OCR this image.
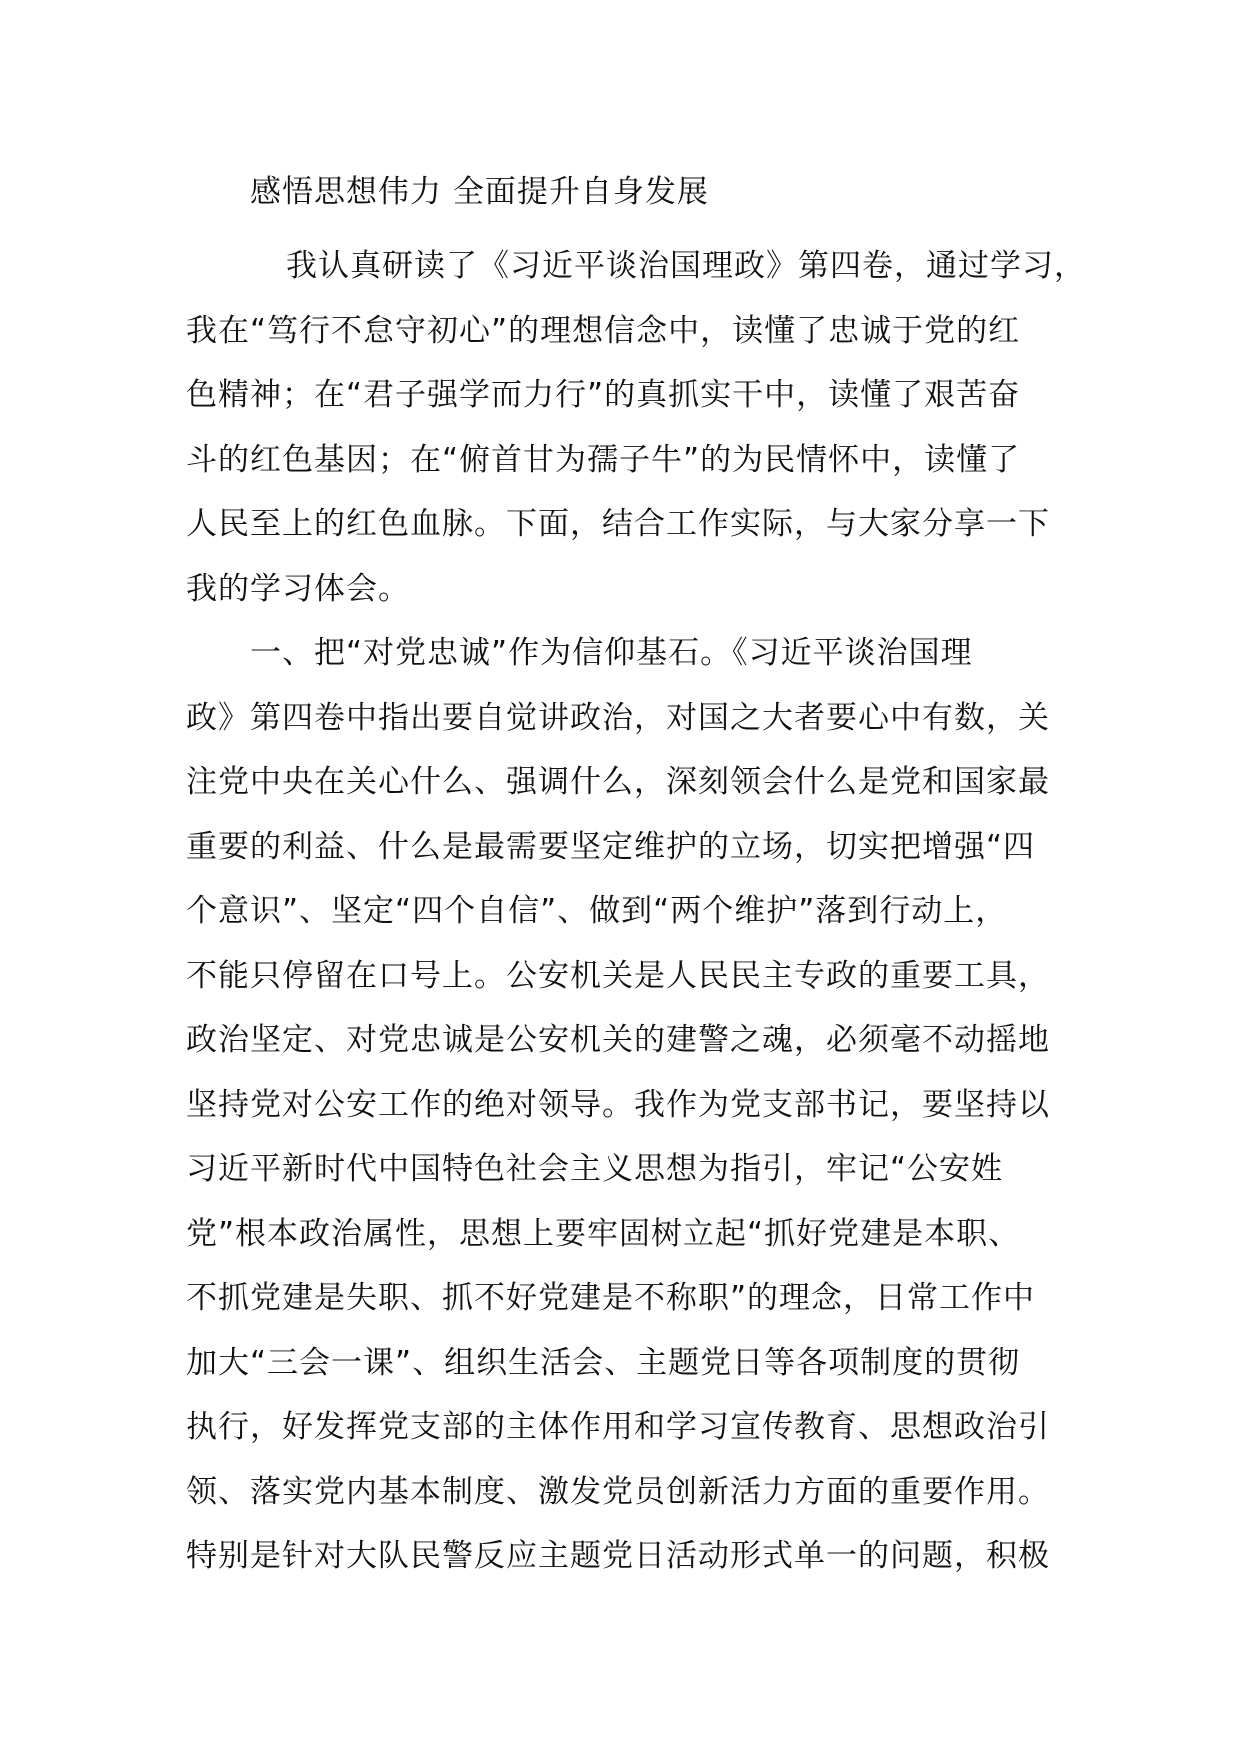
感悟思想伟力 全面提升自身发展

我认真研读了《习近平谈治国理政》第四卷，通过学习，
我在“笃行不怠守初心”的理想信念中，读懂了忠诚于党的红
色精神；在“君子强学而力行”的真抓实干中，读懂了艰苦奋
斗的红色基因；在“俯首甘为孺子牛”的为民情怀中，读懂了
人民至上的红色血脉。下面，结合工作实际，与大家分享一下
我的学习体会。

一、把“对党忠诚”作为信仰基石。《习近平谈治国理
政》第四卷中指出要自觉讲政治，对国之大者要心中有数，关
注党中央在关心什么、强调什么，深刻领会什么是党和国家最
重要的利益、什么是最需要坚定维护的立场，切实把增强“四
个意识”、坚定“四个自信”、做到“两个维护”落到行动上，
不能只停留在口号上。公安机关是人民民主专政的重要工具，
政治坚定、对党忠诚是公安机关的建警之魂，必须毫不动摇地
坚持党对公安工作的绝对领导。我作为党支部书记，要坚持以
习近平新时代中国特色社会主义思想为指引，牢记“公安姓
党”根本政治属性，思想上要牢固树立起“抓好党建是本职、
不抓党建是失职、抓不好党建是不称职”的理念，日常工作中
加大“三会一课”、组织生活会、主题党日等各项制度的贯彻
执行，好发挥党支部的主体作用和学习宣传教育、思想政治引
领、落实党内基本制度、激发党员创新活力方面的重要作用。
特别是针对大队民警反应主题党日活动形式单一的问题，积极
